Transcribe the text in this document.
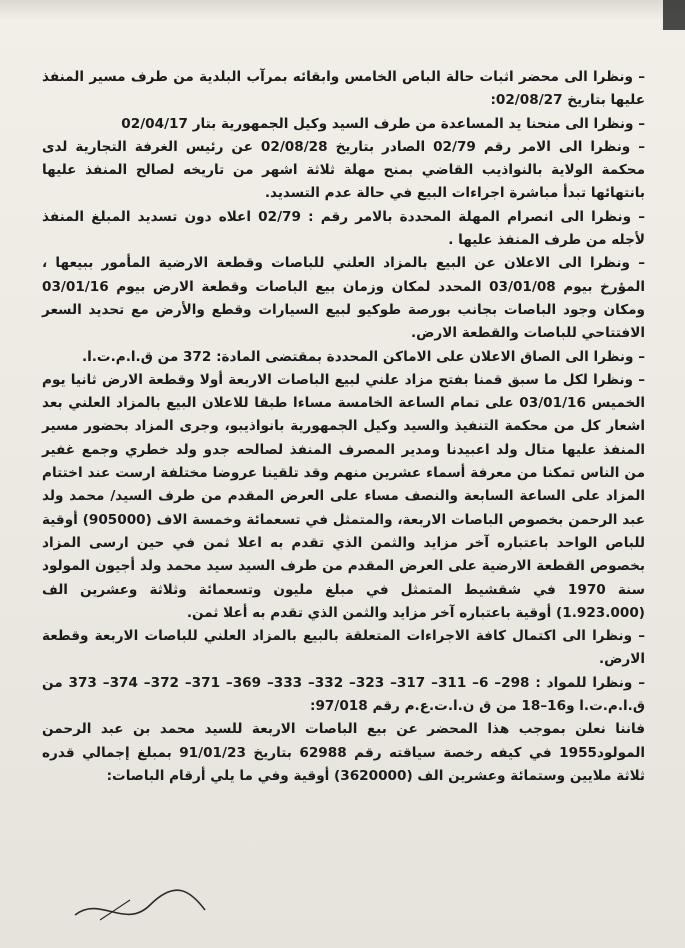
– ونظرا الى محضر اثبات حالة الباص الخامس وابقائه بمرآب البلدية من طرف مسير المنفذ عليها بتاريخ 02/08/27:

– ونظرا الى منحنا يد المساعدة من طرف السيد وكيل الجمهورية بتار 02/04/17

– ونظرا الى الامر رقم 02/79 الصادر بتاريخ 02/08/28 عن رئيس الغرفة التجارية لدى محكمة الولاية بالنواذيب القاضي بمنح مهلة ثلاثة اشهر من تاريخه لصالح المنفذ عليها بانتهائها تبدأ مباشرة اجراءات البيع في حالة عدم التسديد.

– ونظرا الى انصرام المهلة المحددة بالامر رقم : 02/79 اعلاه دون تسديد المبلغ المنفذ لأجله من طرف المنفذ عليها .

– ونظرا الى الاعلان عن البيع بالمزاد العلني للباصات وقطعة الارضية المأمور ببيعها ، المؤرخ بيوم 03/01/08 المحدد لمكان وزمان بيع الباصات وقطعة الارض بيوم 03/01/16 ومكان وجود الباصات بجانب بورصة طوكيو لبيع السيارات وقطع والأرض مع تحديد السعر الافتتاحي للباصات والقطعة الارض.

– ونظرا الى الصاق الاعلان على الاماكن المحددة بمقتضى المادة: 372 من ق.ا.م.ت.ا.

– ونظرا لكل ما سبق قمنا بفتح مزاد علني لبيع الباصات الاربعة أولا وقطعة الارض ثانيا يوم الخميس 03/01/16 على تمام الساعة الخامسة مساءا طبقا للاعلان البيع بالمزاد العلني بعد اشعار كل من محكمة التنفيذ والسيد وكيل الجمهورية بانواذيبو، وجرى المزاد بحضور مسير المنفذ عليها متال ولد اعبيدنا ومدير المصرف المنفذ لصالحه جدو ولد خطري وجمع غفير من الناس تمكنا من معرفة أسماء عشرين منهم وقد تلقينا عروضا مختلفة ارست عند اختتام المزاد على الساعة السابعة والنصف مساء على العرض المقدم من طرف السيد/ محمد ولد عبد الرحمن بخصوص الباصات الاربعة، والمتمثل في تسعمائة وخمسة الاف (905000) أوقية للباص الواحد باعتباره آخر مزايد والثمن الذي تقدم به اعلا ثمن في حين ارسى المزاد بخصوص القطعة الارضية على العرض المقدم من طرف السيد سيد محمد ولد أجيون المولود سنة 1970 في شقشيط المتمثل في مبلغ مليون وتسعمائة وثلاثة وعشرين الف (1.923.000) أوقية باعتباره آخر مزايد والثمن الذي تقدم به أعلا ثمن.

– ونظرا الى اكتمال كافة الاجراءات المتعلقة بالبيع بالمزاد العلني للباصات الاربعة وقطعة الارض.

– ونظرا للمواد : 298– 6– 311– 317– 323– 332– 333– 369– 371– 372– 374– 373 من ق.ا.م.ت.ا و16–18 من ق ن.ا.ت.ع.م رقم 97/018:

فاننا نعلن بموجب هذا المحضر عن بيع الباصات الاربعة للسيد محمد بن عبد الرحمن المولود1955 في كيفه رخصة سياقته رقم 62988 بتاريخ 91/01/23 بمبلغ إجمالي قدره ثلاثة ملايين وستمائة وعشرين الف (3620000) أوقية وفي ما يلي أرقام الباصات:
